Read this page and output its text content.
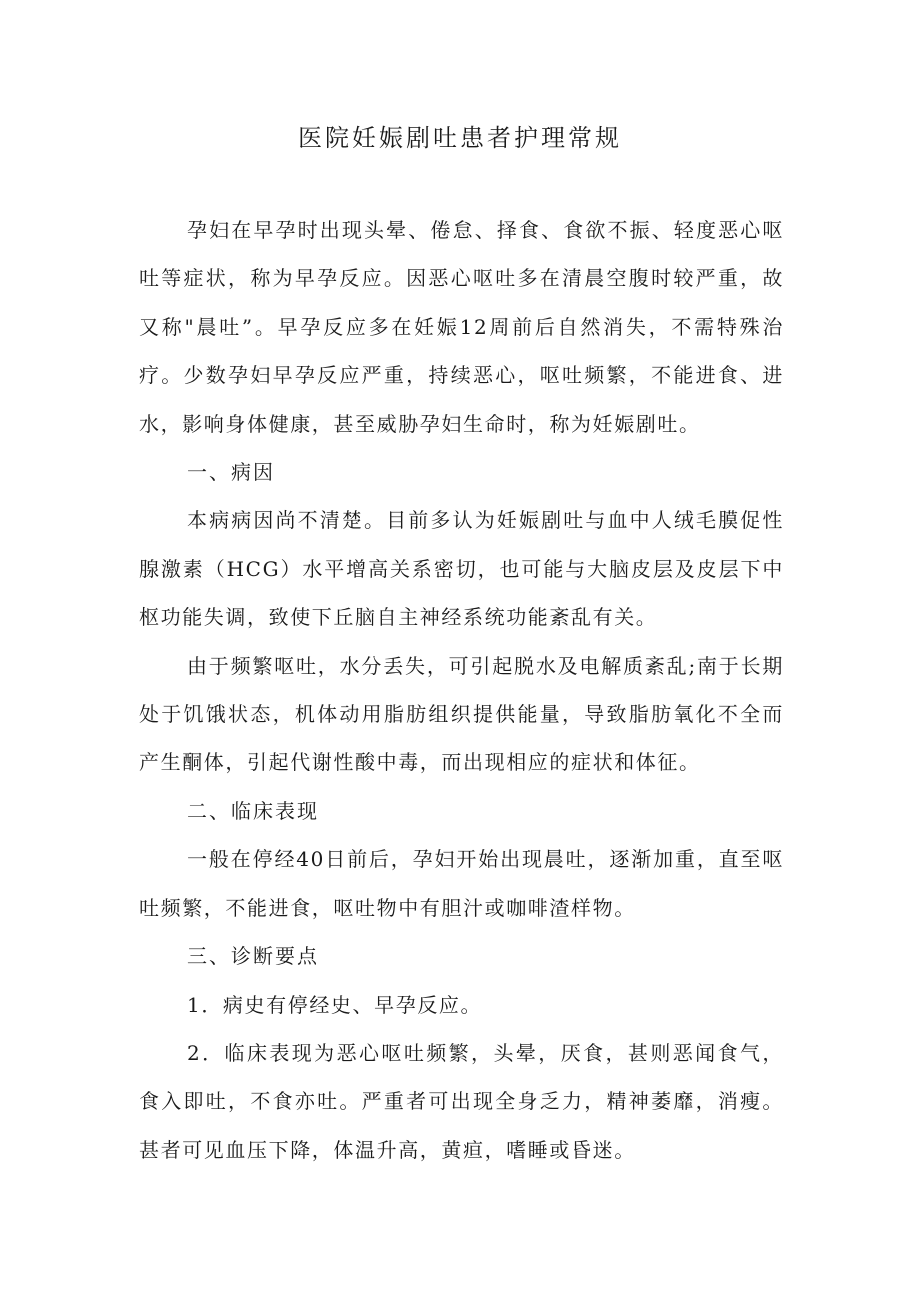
医院妊娠剧吐患者护理常规

孕妇在早孕时出现头晕、倦怠、择食、食欲不振、轻度恶心呕吐等症状，称为早孕反应。因恶心呕吐多在清晨空腹时较严重，故又称"晨吐”。早孕反应多在妊娠12周前后自然消失，不需特殊治疗。少数孕妇早孕反应严重，持续恶心，呕吐频繁，不能进食、进水，影响身体健康，甚至威胁孕妇生命时，称为妊娠剧吐。

一、病因

本病病因尚不清楚。目前多认为妊娠剧吐与血中人绒毛膜促性腺激素（HCG）水平增高关系密切，也可能与大脑皮层及皮层下中枢功能失调，致使下丘脑自主神经系统功能紊乱有关。

由于频繁呕吐，水分丢失，可引起脱水及电解质紊乱;南于长期处于饥饿状态，机体动用脂肪组织提供能量，导致脂肪氧化不全而产生酮体，引起代谢性酸中毒，而出现相应的症状和体征。

二、临床表现

一般在停经40日前后，孕妇开始出现晨吐，逐渐加重，直至呕吐频繁，不能进食，呕吐物中有胆汁或咖啡渣样物。

三、诊断要点

1．病史有停经史、早孕反应。

2．临床表现为恶心呕吐频繁，头晕，厌食，甚则恶闻食气，食入即吐，不食亦吐。严重者可出现全身乏力，精神萎靡，消瘦。甚者可见血压下降，体温升高，黄疸，嗜睡或昏迷。
